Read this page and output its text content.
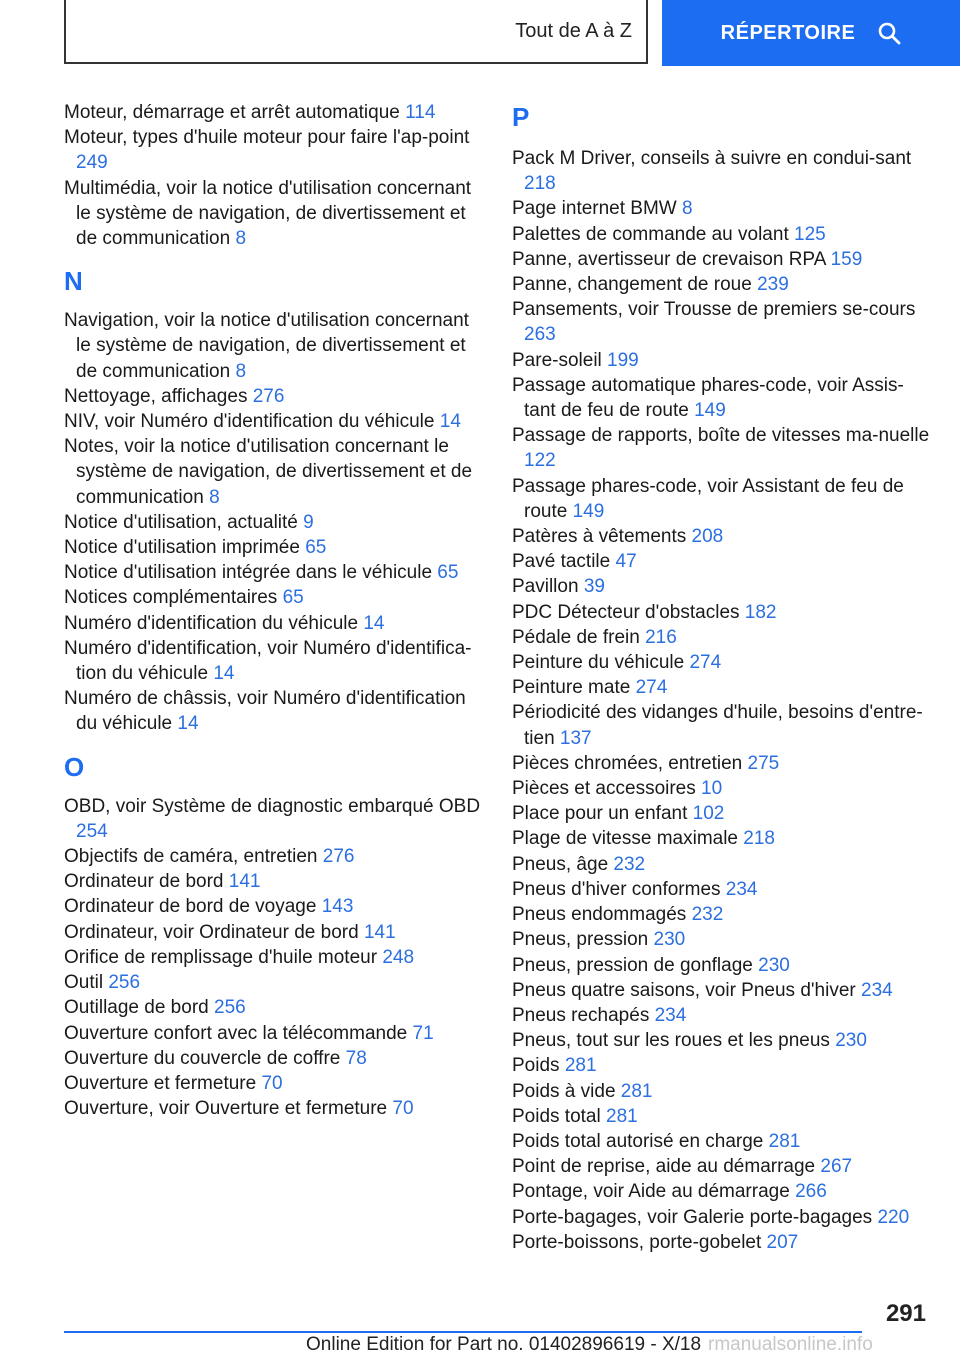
Tout de A à Z	RÉPERTOIRE
Moteur, démarrage et arrêt automatique 114
Moteur, types d'huile moteur pour faire l'ap‐point 249
Multimédia, voir la notice d'utilisation concernant le système de navigation, de divertissement et de communication 8
N
Navigation, voir la notice d'utilisation concernant le système de navigation, de divertissement et de communication 8
Nettoyage, affichages 276
NIV, voir Numéro d'identification du véhicule 14
Notes, voir la notice d'utilisation concernant le système de navigation, de divertissement et de communication 8
Notice d'utilisation, actualité 9
Notice d'utilisation imprimée 65
Notice d'utilisation intégrée dans le véhicule 65
Notices complémentaires 65
Numéro d'identification du véhicule 14
Numéro d'identification, voir Numéro d'identifica‐tion du véhicule 14
Numéro de châssis, voir Numéro d'identification du véhicule 14
O
OBD, voir Système de diagnostic embarqué OBD 254
Objectifs de caméra, entretien 276
Ordinateur de bord 141
Ordinateur de bord de voyage 143
Ordinateur, voir Ordinateur de bord 141
Orifice de remplissage d'huile moteur 248
Outil 256
Outillage de bord 256
Ouverture confort avec la télécommande 71
Ouverture du couvercle de coffre 78
Ouverture et fermeture 70
Ouverture, voir Ouverture et fermeture 70
P
Pack M Driver, conseils à suivre en condui‐sant 218
Page internet BMW 8
Palettes de commande au volant 125
Panne, avertisseur de crevaison RPA 159
Panne, changement de roue 239
Pansements, voir Trousse de premiers se‐cours 263
Pare-soleil 199
Passage automatique phares-code, voir Assis‐tant de feu de route 149
Passage de rapports, boîte de vitesses ma‐nuelle 122
Passage phares-code, voir Assistant de feu de route 149
Patères à vêtements 208
Pavé tactile 47
Pavillon 39
PDC Détecteur d'obstacles 182
Pédale de frein 216
Peinture du véhicule 274
Peinture mate 274
Périodicité des vidanges d'huile, besoins d'entre‐tien 137
Pièces chromées, entretien 275
Pièces et accessoires 10
Place pour un enfant 102
Plage de vitesse maximale 218
Pneus, âge 232
Pneus d'hiver conformes 234
Pneus endommagés 232
Pneus, pression 230
Pneus, pression de gonflage 230
Pneus quatre saisons, voir Pneus d'hiver 234
Pneus rechapés 234
Pneus, tout sur les roues et les pneus 230
Poids 281
Poids à vide 281
Poids total 281
Poids total autorisé en charge 281
Point de reprise, aide au démarrage 267
Pontage, voir Aide au démarrage 266
Porte-bagages, voir Galerie porte-bagages 220
Porte-boissons, porte-gobelet 207
291
Online Edition for Part no. 01402896619 - X/18 rmanualsonline.info
